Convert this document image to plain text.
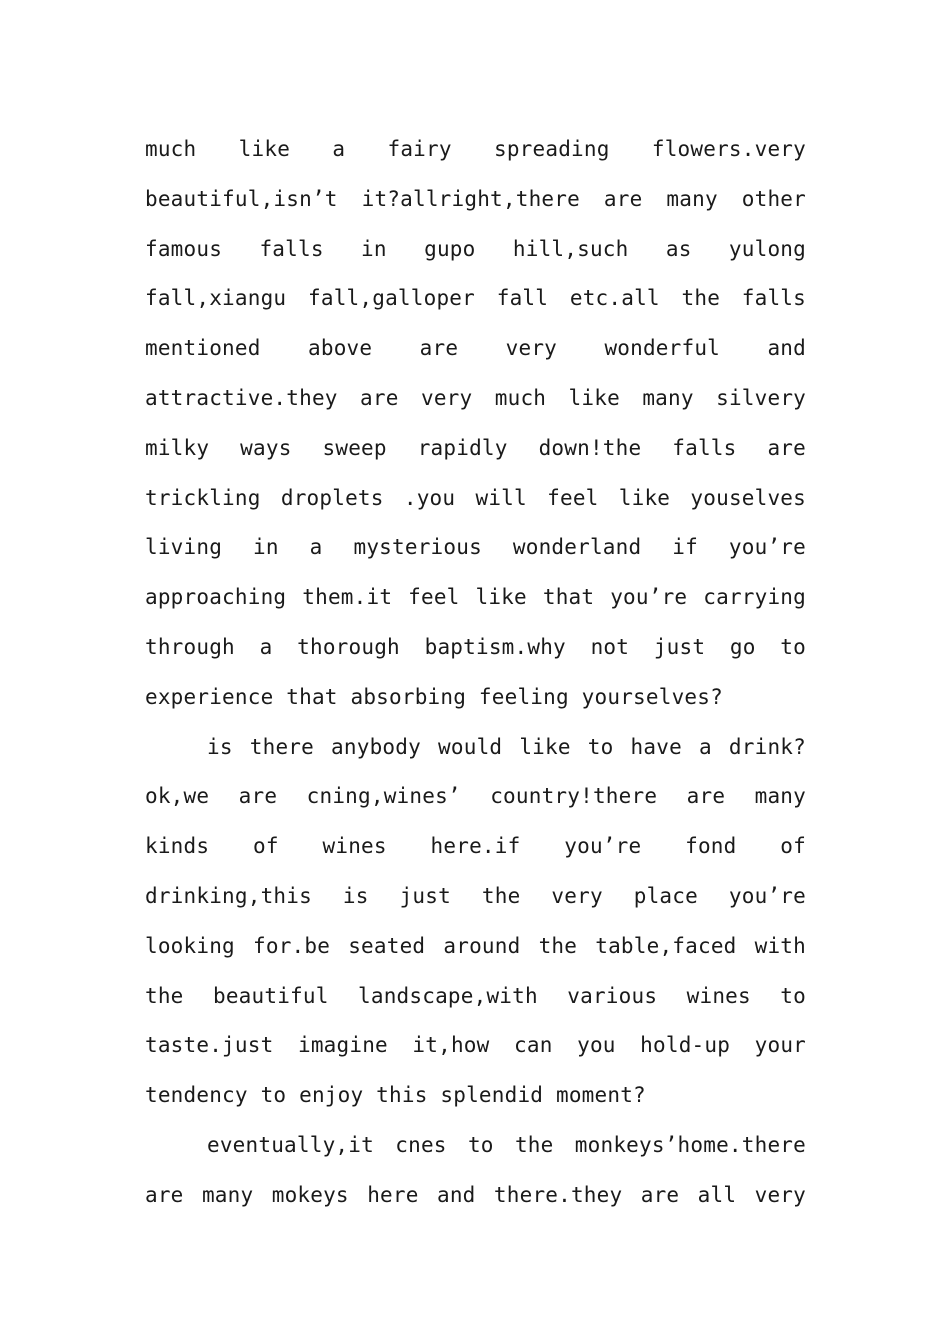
much like a fairy spreading flowers.very
beautiful,isn’t it?allright,there are many other
famous falls in gupo hill,such as yulong
fall,xiangu fall,galloper fall etc.all the falls
mentioned above are very wonderful and
attractive.they are very much like many silvery
milky ways sweep rapidly down!the falls are
trickling droplets .you will feel like youselves
living in a mysterious wonderland if you’re
approaching them.it feel like that you’re carrying
through a thorough baptism.why not just go to
experience that absorbing feeling yourselves?
is there anybody would like to have a drink?
ok,we are cning,wines’ country!there are many
kinds of wines here.if you’re fond of
drinking,this is just the very place you’re
looking for.be seated around the table,faced with
the beautiful landscape,with various wines to
taste.just imagine it,how can you hold-up your
tendency to enjoy this splendid moment?
eventually,it cnes to the monkeys’home.there
are many mokeys here and there.they are all very
